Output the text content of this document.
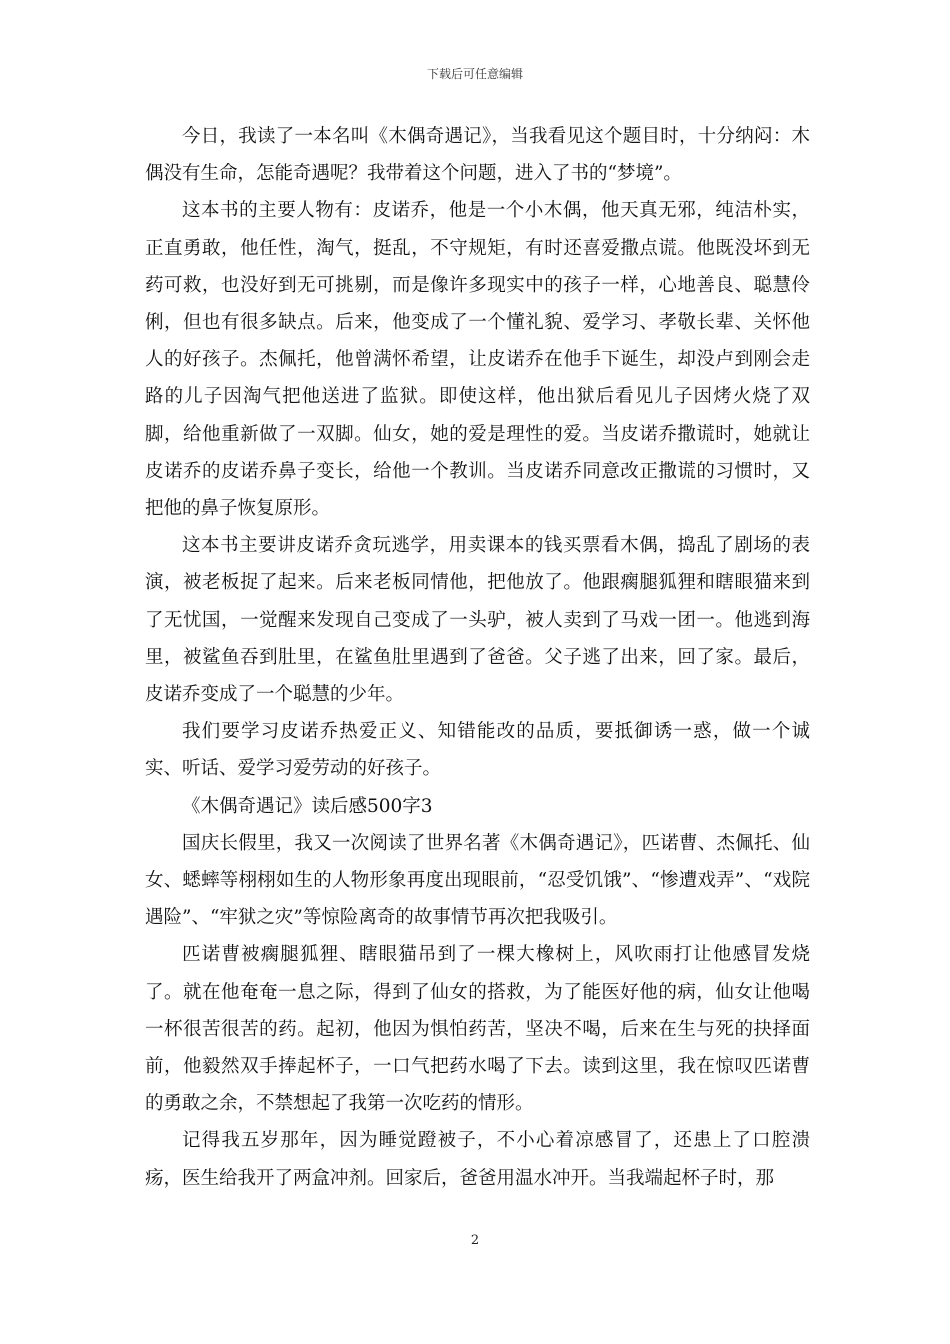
下载后可任意编辑

今日，我读了一本名叫《木偶奇遇记》，当我看见这个题目时，十分纳闷：木偶没有生命，怎能奇遇呢？我带着这个问题，进入了书的“梦境”。

这本书的主要人物有：皮诺乔，他是一个小木偶，他天真无邪，纯洁朴实，正直勇敢，他任性，淘气，挺乱，不守规矩，有时还喜爱撒点谎。他既没坏到无药可救，也没好到无可挑剔，而是像许多现实中的孩子一样，心地善良、聪慧伶俐，但也有很多缺点。后来，他变成了一个懂礼貌、爱学习、孝敬长辈、关怀他人的好孩子。杰佩托，他曾满怀希望，让皮诺乔在他手下诞生，却没卢到刚会走路的儿子因淘气把他送进了监狱。即使这样，他出狱后看见儿子因烤火烧了双脚，给他重新做了一双脚。仙女，她的爱是理性的爱。当皮诺乔撒谎时，她就让皮诺乔的皮诺乔鼻子变长，给他一个教训。当皮诺乔同意改正撒谎的习惯时，又把他的鼻子恢复原形。

这本书主要讲皮诺乔贪玩逃学，用卖课本的钱买票看木偶，捣乱了剧场的表演，被老板捉了起来。后来老板同情他，把他放了。他跟瘸腿狐狸和瞎眼猫来到了无忧国，一觉醒来发现自己变成了一头驴，被人卖到了马戏一团一。他逃到海里，被鲨鱼吞到肚里，在鲨鱼肚里遇到了爸爸。父子逃了出来，回了家。最后，皮诺乔变成了一个聪慧的少年。

我们要学习皮诺乔热爱正义、知错能改的品质，要抵御诱一惑，做一个诚实、听话、爱学习爱劳动的好孩子。

《木偶奇遇记》读后感500字3

国庆长假里，我又一次阅读了世界名著《木偶奇遇记》，匹诺曹、杰佩托、仙女、蟋蟀等栩栩如生的人物形象再度出现眼前，“忍受饥饿”、“惨遭戏弄”、“戏院遇险”、“牢狱之灾”等惊险离奇的故事情节再次把我吸引。

匹诺曹被瘸腿狐狸、瞎眼猫吊到了一棵大橡树上，风吹雨打让他感冒发烧了。就在他奄奄一息之际，得到了仙女的搭救，为了能医好他的病，仙女让他喝一杯很苦很苦的药。起初，他因为惧怕药苦，坚决不喝，后来在生与死的抉择面前，他毅然双手捧起杯子，一口气把药水喝了下去。读到这里，我在惊叹匹诺曹的勇敢之余，不禁想起了我第一次吃药的情形。

记得我五岁那年，因为睡觉蹬被子，不小心着凉感冒了，还患上了口腔溃疡，医生给我开了两盒冲剂。回家后，爸爸用温水冲开。当我端起杯子时，那

2
